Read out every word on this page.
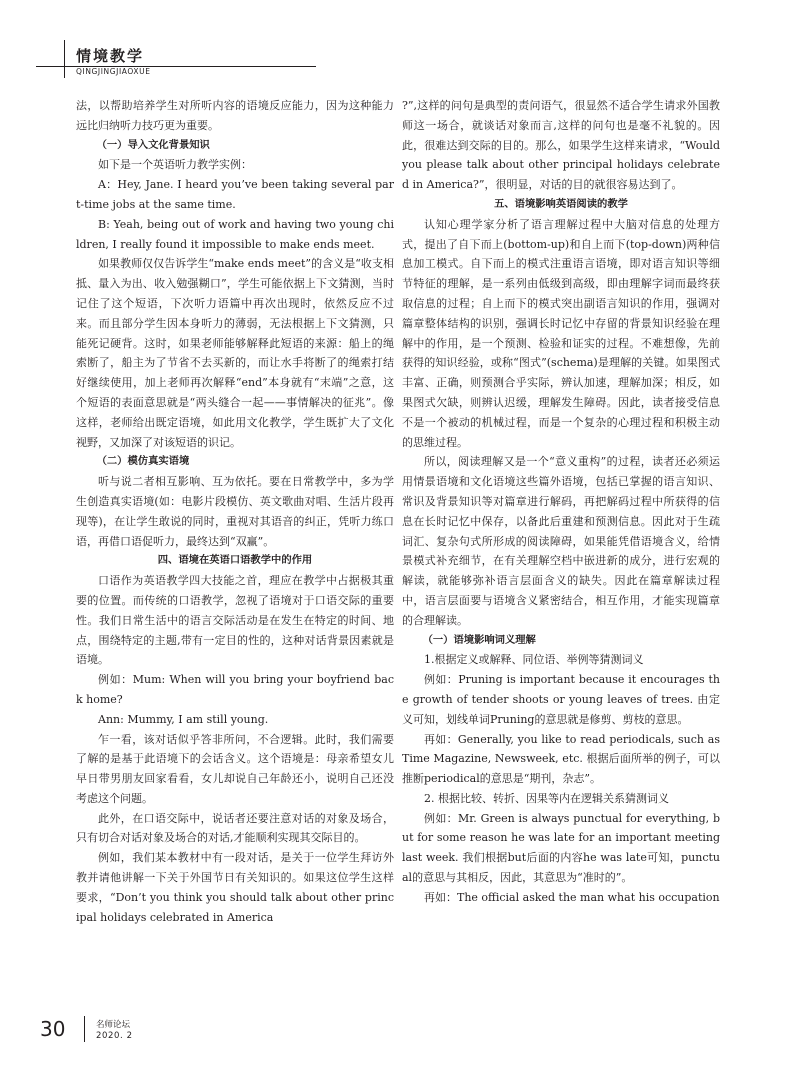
情境教学
QINGJINGJIAOXUE

法，以帮助培养学生对所听内容的语境反应能力，因为这种能力远比归纳听力技巧更为重要。

（一）导入文化背景知识

如下是一个英语听力教学实例：

A：Hey, Jane. I heard you’ve been taking several part-time jobs at the same time.

B: Yeah, being out of work and having two young children, I really found it impossible to make ends meet.

如果教师仅仅告诉学生“make ends meet”的含义是“收支相抵、量入为出、收入勉强糊口”，学生可能依据上下文猜测，当时记住了这个短语，下次听力语篇中再次出现时，依然反应不过来。而且部分学生因本身听力的薄弱，无法根据上下文猜测，只能死记硬背。这时，如果老师能够解释此短语的来源：船上的绳索断了，船主为了节省不去买新的，而让水手将断了的绳索打结好继续使用，加上老师再次解释“end”本身就有“末端”之意，这个短语的表面意思就是“两头缝合一起——事情解决的征兆”。像这样，老师给出既定语境，如此用文化教学，学生既扩大了文化视野，又加深了对该短语的识记。

（二）模仿真实语境

听与说二者相互影响、互为依托。要在日常教学中，多为学生创造真实语境(如：电影片段模仿、英文歌曲对唱、生活片段再现等)，在让学生敢说的同时，重视对其语音的纠正，凭听力练口语，再借口语促听力，最终达到“双赢”。

四、语境在英语口语教学中的作用

口语作为英语教学四大技能之首，理应在教学中占据极其重要的位置。而传统的口语教学，忽视了语境对于口语交际的重要性。我们日常生活中的语言交际活动是在发生在特定的时间、地点，围绕特定的主题,带有一定目的性的，这种对话背景因素就是语境。

例如：Mum: When will you bring your boyfriend back home?

Ann: Mummy, I am still young.

乍一看，该对话似乎答非所问，不合逻辑。此时，我们需要了解的是基于此语境下的会话含义。这个语境是：母亲希望女儿早日带男朋友回家看看，女儿却说自己年龄还小，说明自己还没考虑这个问题。

此外，在口语交际中，说话者还要注意对话的对象及场合，只有切合对话对象及场合的对话,才能顺利实现其交际目的。

例如，我们某本教材中有一段对话，是关于一位学生拜访外教并请他讲解一下关于外国节日有关知识的。如果这位学生这样要求，“Don’t you think you should talk about other principal holidays celebrated in America

?”,这样的问句是典型的责问语气，很显然不适合学生请求外国教师这一场合，就谈话对象而言,这样的问句也是毫不礼貌的。因此，很难达到交际的目的。那么，如果学生这样来请求，“Would you please talk about other principal holidays celebrated in America?”，很明显，对话的目的就很容易达到了。

五、语境影响英语阅读的教学

认知心理学家分析了语言理解过程中大脑对信息的处理方式，提出了自下而上(bottom-up)和自上而下(top-down)两种信息加工模式。自下而上的模式注重语言语境，即对语言知识等细节特征的理解，是一系列由低级到高级，即由理解字词而最终获取信息的过程；自上而下的模式突出副语言知识的作用，强调对篇章整体结构的识别，强调长时记忆中存留的背景知识经验在理解中的作用，是一个预测、检验和证实的过程。不难想像，先前获得的知识经验，或称“图式”(schema)是理解的关键。如果图式丰富、正确，则预测合乎实际，辨认加速，理解加深；相反，如果图式欠缺，则辨认迟缓，理解发生障碍。因此，读者接受信息不是一个被动的机械过程，而是一个复杂的心理过程和积极主动的思维过程。

所以，阅读理解又是一个“意义重构”的过程，读者还必须运用情景语境和文化语境这些篇外语境，包括已掌握的语言知识、常识及背景知识等对篇章进行解码，再把解码过程中所获得的信息在长时记忆中保存，以备此后重建和预测信息。因此对于生疏词汇、复杂句式所形成的阅读障碍，如果能凭借语境含义，给情景模式补充细节，在有关理解空档中嵌进新的成分，进行宏观的解读，就能够弥补语言层面含义的缺失。因此在篇章解读过程中，语言层面要与语境含义紧密结合，相互作用，才能实现篇章的合理解读。

（一）语境影响词义理解

1.根据定义或解释、同位语、举例等猜测词义

例如：Pruning is important because it encourages the growth of tender shoots or young leaves of trees. 由定义可知，划线单词Pruning的意思就是修剪、剪枝的意思。

再如：Generally, you like to read periodicals, such as Time Magazine, Newsweek, etc. 根据后面所举的例子，可以推断periodical的意思是“期刊，杂志”。

2. 根据比较、转折、因果等内在逻辑关系猜测词义

例如：Mr. Green is always punctual for everything, but for some reason he was late for an important meeting last week. 我们根据but后面的内容he was late可知，punctual的意思与其相反，因此，其意思为“准时的”。

再如：The official asked the man what his occupation

30	名师论坛
2020. 2
